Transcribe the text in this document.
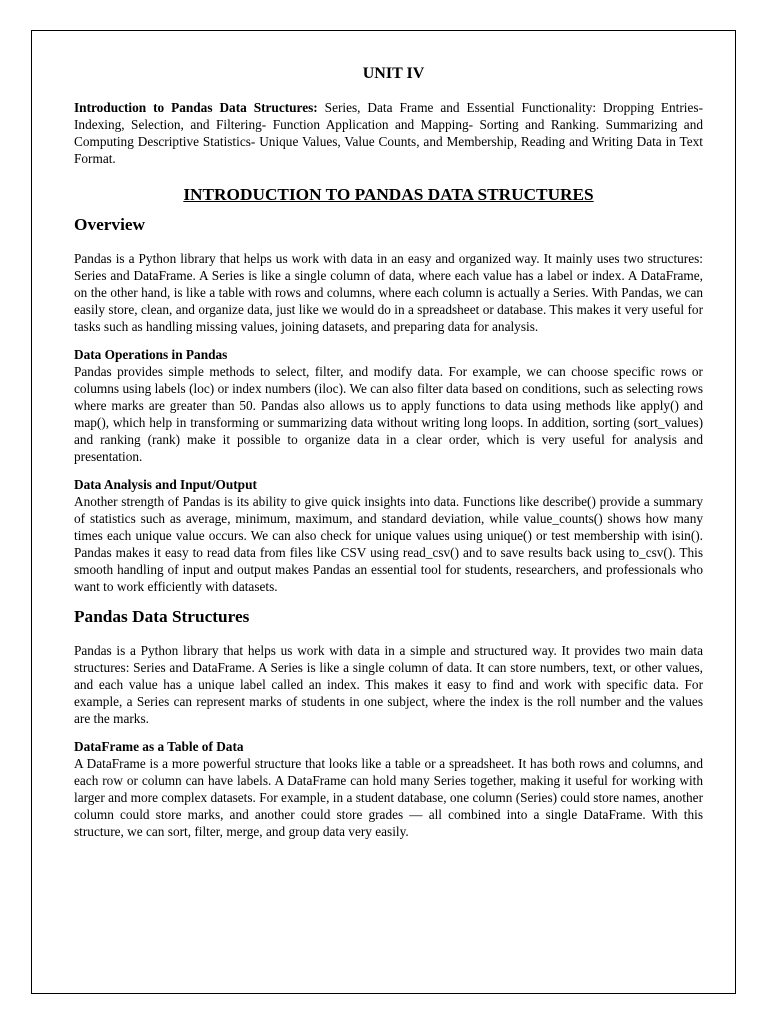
UNIT IV

Introduction to Pandas Data Structures: Series, Data Frame and Essential Functionality: Dropping Entries- Indexing, Selection, and Filtering- Function Application and Mapping- Sorting and Ranking. Summarizing and Computing Descriptive Statistics- Unique Values, Value Counts, and Membership, Reading and Writing Data in Text Format.

INTRODUCTION TO PANDAS DATA STRUCTURES
Overview

Pandas is a Python library that helps us work with data in an easy and organized way. It mainly uses two structures: Series and DataFrame. A Series is like a single column of data, where each value has a label or index. A DataFrame, on the other hand, is like a table with rows and columns, where each column is actually a Series. With Pandas, we can easily store, clean, and organize data, just like we would do in a spreadsheet or database. This makes it very useful for tasks such as handling missing values, joining datasets, and preparing data for analysis.

Data Operations in Pandas

Pandas provides simple methods to select, filter, and modify data. For example, we can choose specific rows or columns using labels (loc) or index numbers (iloc). We can also filter data based on conditions, such as selecting rows where marks are greater than 50. Pandas also allows us to apply functions to data using methods like apply() and map(), which help in transforming or summarizing data without writing long loops. In addition, sorting (sort_values) and ranking (rank) make it possible to organize data in a clear order, which is very useful for analysis and presentation.

Data Analysis and Input/Output

Another strength of Pandas is its ability to give quick insights into data. Functions like describe() provide a summary of statistics such as average, minimum, maximum, and standard deviation, while value_counts() shows how many times each unique value occurs. We can also check for unique values using unique() or test membership with isin(). Pandas makes it easy to read data from files like CSV using read_csv() and to save results back using to_csv(). This smooth handling of input and output makes Pandas an essential tool for students, researchers, and professionals who want to work efficiently with datasets.

Pandas Data Structures

Pandas is a Python library that helps us work with data in a simple and structured way. It provides two main data structures: Series and DataFrame. A Series is like a single column of data. It can store numbers, text, or other values, and each value has a unique label called an index. This makes it easy to find and work with specific data. For example, a Series can represent marks of students in one subject, where the index is the roll number and the values are the marks.

DataFrame as a Table of Data

A DataFrame is a more powerful structure that looks like a table or a spreadsheet. It has both rows and columns, and each row or column can have labels. A DataFrame can hold many Series together, making it useful for working with larger and more complex datasets. For example, in a student database, one column (Series) could store names, another column could store marks, and another could store grades — all combined into a single DataFrame. With this structure, we can sort, filter, merge, and group data very easily.
